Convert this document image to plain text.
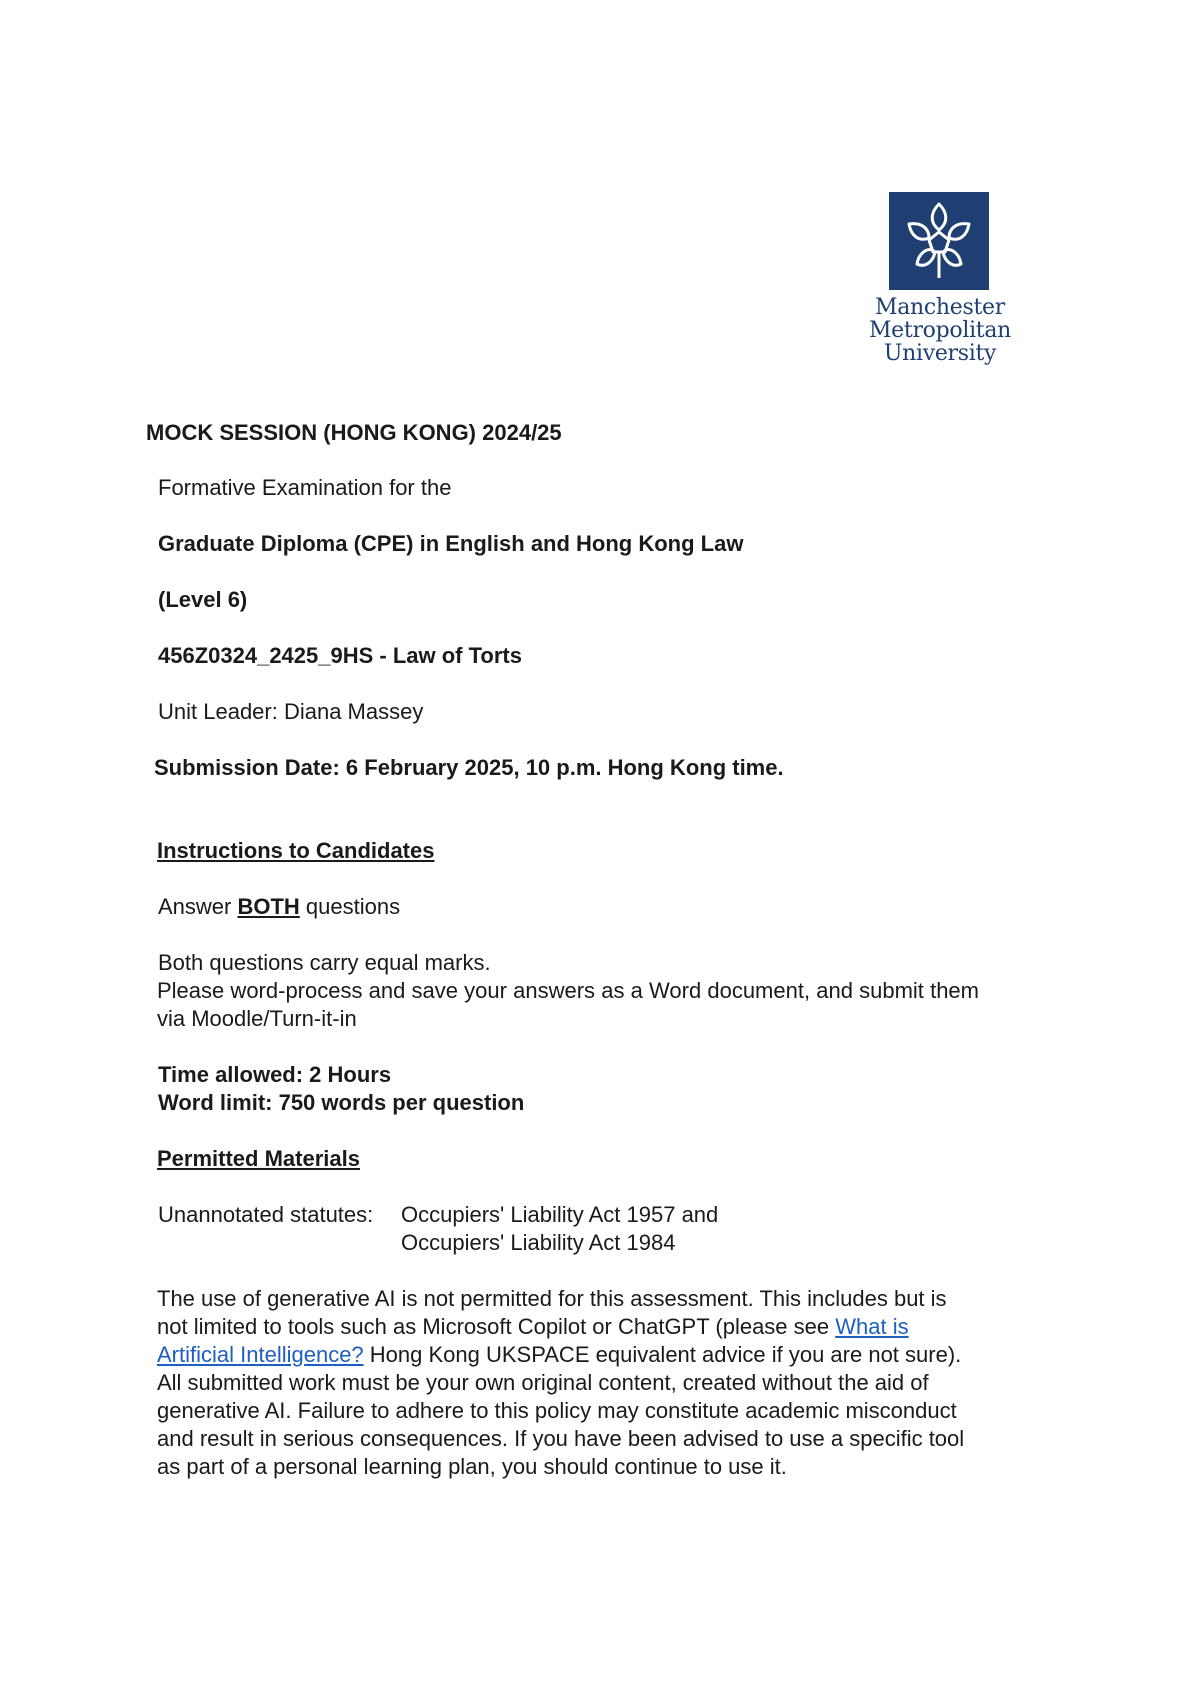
Manchester
Metropolitan
University
MOCK SESSION (HONG KONG) 2024/25
Formative Examination for the
Graduate Diploma (CPE) in English and Hong Kong Law
(Level 6)
456Z0324_2425_9HS - Law of Torts
Unit Leader: Diana Massey
Submission Date: 6 February 2025, 10 p.m. Hong Kong time.
Instructions to Candidates
Answer BOTH questions
Both questions carry equal marks.
Please word-process and save your answers as a Word document, and submit them via Moodle/Turn-it-in
Time allowed: 2 Hours
Word limit: 750 words per question
Permitted Materials
Unannotated statutes: Occupiers' Liability Act 1957 and
Occupiers' Liability Act 1984
The use of generative AI is not permitted for this assessment. This includes but is not limited to tools such as Microsoft Copilot or ChatGPT (please see What is Artificial Intelligence? Hong Kong UKSPACE equivalent advice if you are not sure). All submitted work must be your own original content, created without the aid of generative AI. Failure to adhere to this policy may constitute academic misconduct and result in serious consequences. If you have been advised to use a specific tool as part of a personal learning plan, you should continue to use it.
